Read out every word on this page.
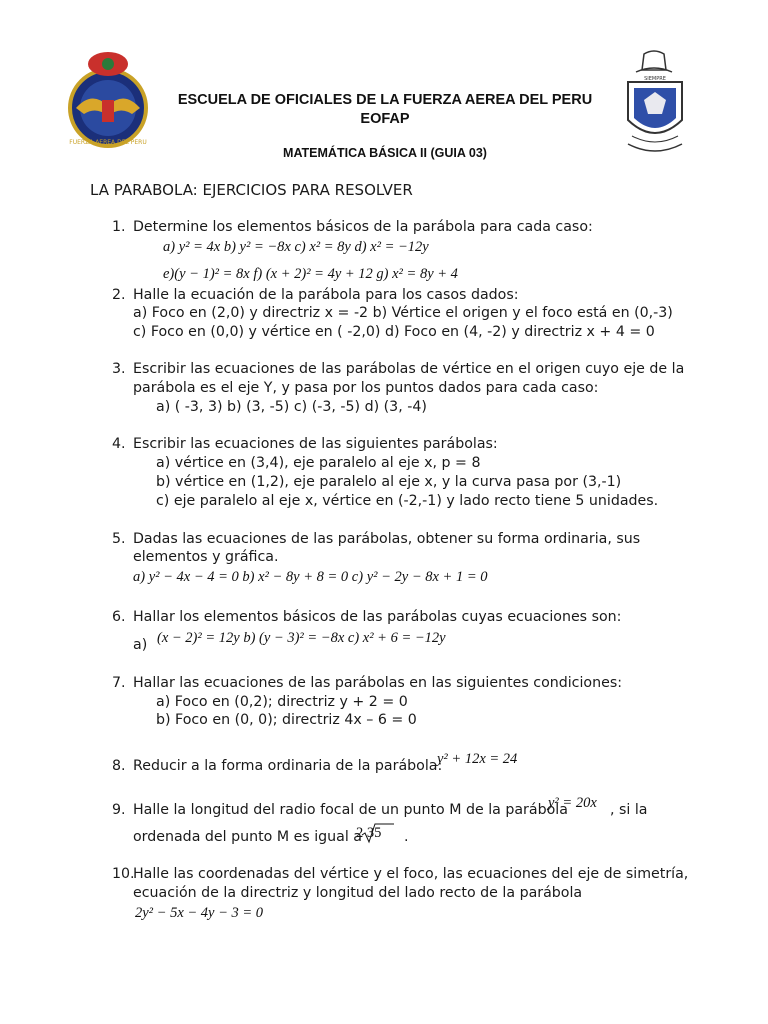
FUERZA AEREA DEL PERU
SIEMPRE
ESCUELA DE OFICIALES DE LA FUERZA AEREA DEL PERU
EOFAP
MATEMÁTICA BÁSICA II (GUIA 03)
LA PARABOLA: EJERCICIOS PARA RESOLVER
1. Determine los elementos básicos de la parábola para cada caso:
a) y² = 4x b) y² = −8x c) x² = 8y d) x² = −12y
e)(y − 1)² = 8x f) (x + 2)² = 4y + 12 g) x² = 8y + 4
2. Halle la ecuación de la parábola para los casos dados:
a) Foco en (2,0) y directriz x = -2 b) Vértice el origen y el foco está en (0,-3)
c) Foco en (0,0) y vértice en ( -2,0) d) Foco en (4, -2) y directriz x + 4 = 0
3. Escribir las ecuaciones de las parábolas de vértice en el origen cuyo eje de la
parábola es el eje Y, y pasa por los puntos dados para cada caso:
a) ( -3, 3) b) (3, -5) c) (-3, -5) d) (3, -4)
4. Escribir las ecuaciones de las siguientes parábolas:
a) vértice en (3,4), eje paralelo al eje x, p = 8
b) vértice en (1,2), eje paralelo al eje x, y la curva pasa por (3,-1)
c) eje paralelo al eje x, vértice en (-2,-1) y lado recto tiene 5 unidades.
5. Dadas las ecuaciones de las parábolas, obtener su forma ordinaria, sus
elementos y gráfica.
a) y² − 4x − 4 = 0 b) x² − 8y + 8 = 0 c) y² − 2y − 8x + 1 = 0
6. Hallar los elementos básicos de las parábolas cuyas ecuaciones son:
a) (x − 2)² = 12y b) (y − 3)² = −8x c) x² + 6 = −12y
7. Hallar las ecuaciones de las parábolas en las siguientes condiciones:
a) Foco en (0,2); directriz y + 2 = 0
b) Foco en (0, 0); directriz 4x – 6 = 0
8. Reducir a la forma ordinaria de la parábola:
y² + 12x = 24
9. Halle la longitud del radio focal de un punto M de la parábola
y² = 20x , si la
ordenada del punto M es igual a
2 35 .
10.
Halle las coordenadas del vértice y el foco, las ecuaciones del eje de simetría,
ecuación de la directriz y longitud del lado recto de la parábola
2y² − 5x − 4y − 3 = 0
